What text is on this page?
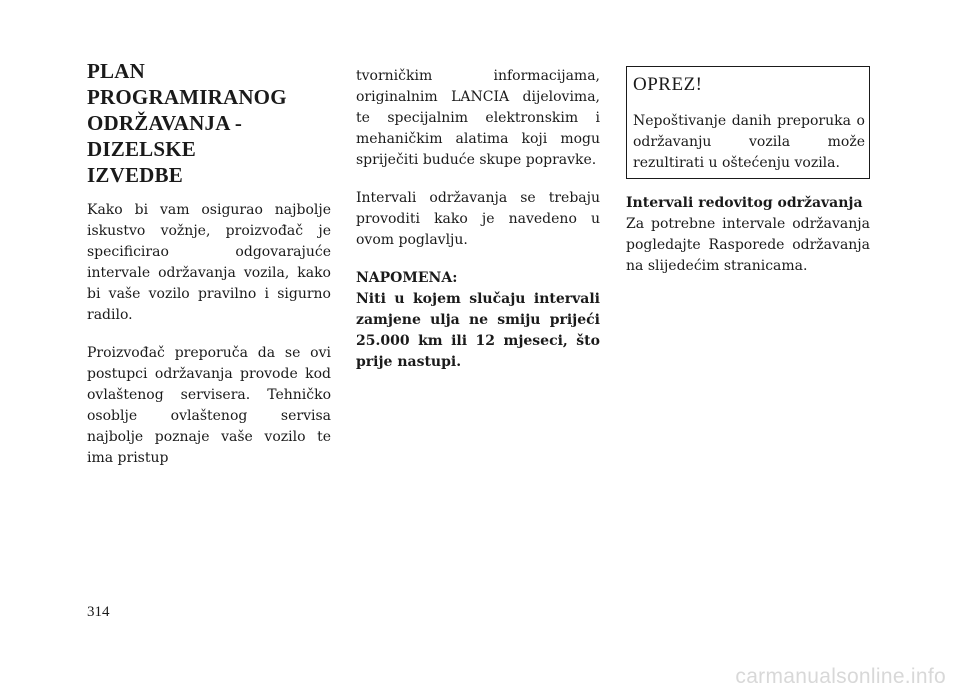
PLAN PROGRAMIRANOG
ODRŽAVANJA - DIZELSKE
IZVEDBE

Kako bi vam osigurao najbolje iskustvo vožnje, proizvođač je specificirao odgovarajuće intervale održavanja vozila, kako bi vaše vozilo pravilno i sigurno radilo.

Proizvođač preporuča da se ovi postupci održavanja provode kod ovlaštenog servisera. Tehničko osoblje ovlaštenog servisa najbolje poznaje vaše vozilo te ima pristup

tvorničkim informacijama, originalnim LANCIA dijelovima, te specijalnim elektronskim i mehaničkim alatima koji mogu spriječiti buduće skupe popravke.

Intervali održavanja se trebaju provoditi kako je navedeno u ovom poglavlju.

NAPOMENA:
Niti u kojem slučaju intervali zamjene ulja ne smiju prijeći 25.000 km ili 12 mjeseci, što prije nastupi.
OPREZ!

Nepoštivanje danih preporuka o održavanju vozila može rezultirati u oštećenju vozila.

Intervali redovitog održavanja

Za potrebne intervale održavanja pogledajte Rasporede održavanja na slijedećim stranicama.

314
carmanualsonline.info
